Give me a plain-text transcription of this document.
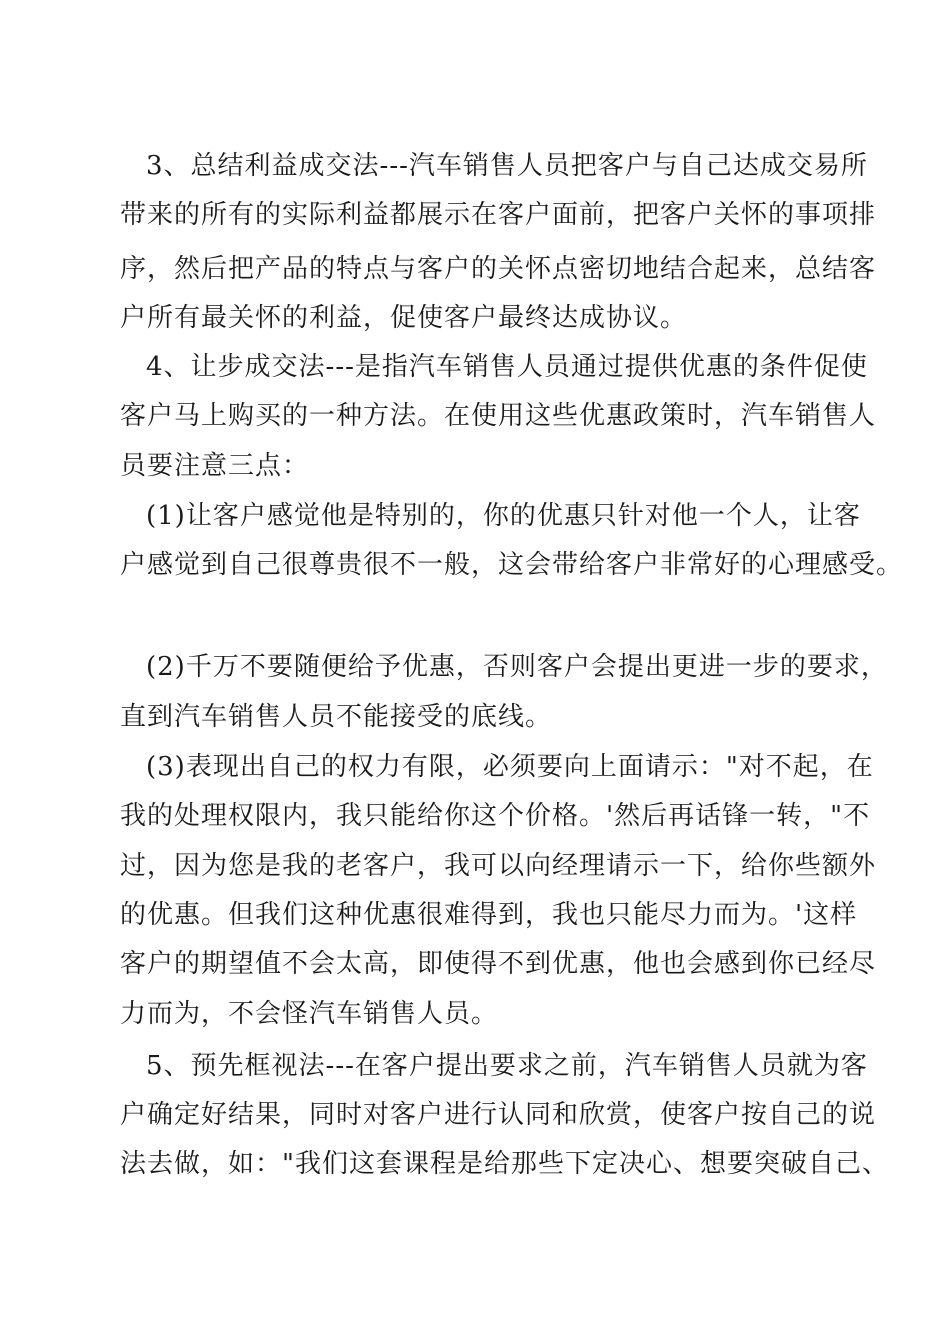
3、总结利益成交法---汽车销售人员把客户与自己达成交易所

带来的所有的实际利益都展示在客户面前，把客户关怀的事项排

序，然后把产品的特点与客户的关怀点密切地结合起来，总结客

户所有最关怀的利益，促使客户最终达成协议。

4、让步成交法---是指汽车销售人员通过提供优惠的条件促使

客户马上购买的一种方法。在使用这些优惠政策时，汽车销售人

员要注意三点：

(1)让客户感觉他是特别的，你的优惠只针对他一个人，让客

户感觉到自己很尊贵很不一般，这会带给客户非常好的心理感受。

(2)千万不要随便给予优惠，否则客户会提出更进一步的要求，

直到汽车销售人员不能接受的底线。

(3)表现出自己的权力有限，必须要向上面请示："对不起，在

我的处理权限内，我只能给你这个价格。'然后再话锋一转，"不

过，因为您是我的老客户，我可以向经理请示一下，给你些额外

的优惠。但我们这种优惠很难得到，我也只能尽力而为。'这样

客户的期望值不会太高，即使得不到优惠，他也会感到你已经尽

力而为，不会怪汽车销售人员。

5、预先框视法---在客户提出要求之前，汽车销售人员就为客

户确定好结果，同时对客户进行认同和欣赏，使客户按自己的说

法去做，如："我们这套课程是给那些下定决心、想要突破自己、
